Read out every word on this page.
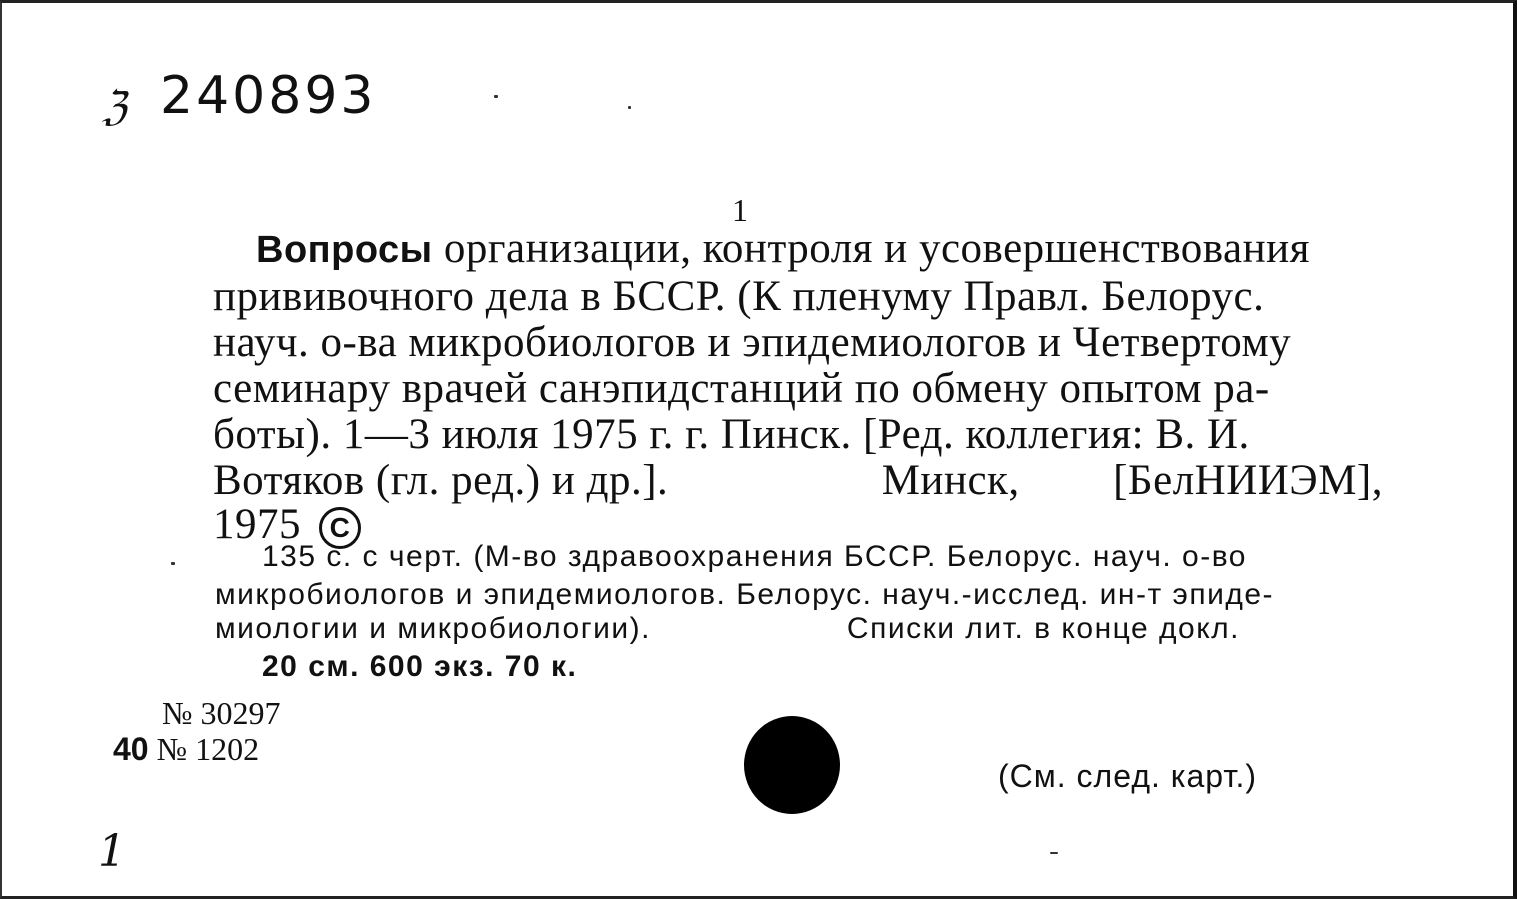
ℨ 240893
1
Вопросы организации, контроля и усовершенствования
прививочного дела в БССР. (К пленуму Правл. Белорус.
науч. о-ва микробиологов и эпидемиологов и Четвертому
семинару врачей санэпидстанций по обмену опытом ра-
боты). 1—3 июля 1975 г. г. Пинск. [Ред. коллегия: В. И.
Вотяков (гл. ред.) и др.].	Минск, [БелНИИЭМ],
1975 C
135 с. с черт. (М-во здравоохранения БССР. Белорус. науч. о-во
микробиологов и эпидемиологов. Белорус. науч.-исслед. ин-т эпиде-
миологии и микробиологии).	Списки лит. в конце докл.
20 см. 600 экз. 70 к.
№ 30297
40 № 1202
(См. след. карт.)
1
